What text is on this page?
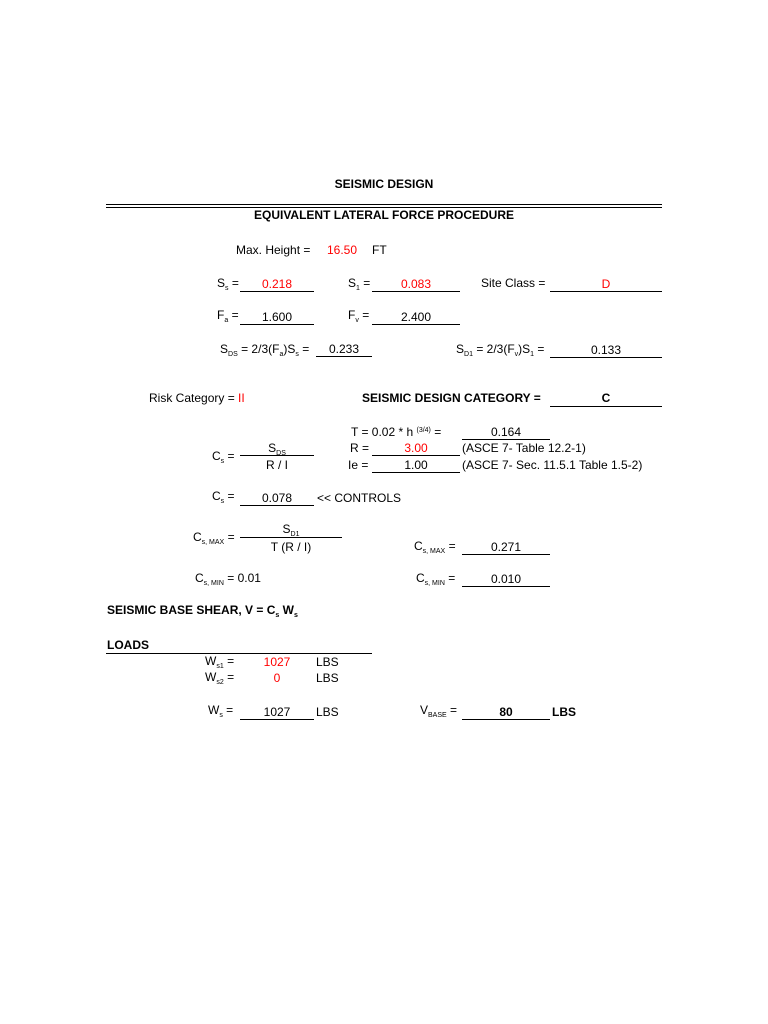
SEISMIC DESIGN
EQUIVALENT LATERAL FORCE PROCEDURE
Max. Height = 16.50 FT
$S_s$ =	0.218	$S_1$ =	0.083	Site Class =	D
$F_a$ =	1.600	$F_v$ =	2.400
$S_{DS} = 2/3(F_a)S_s$ =	0.233	$S_{D1} = 2/3(F_v)S_1$ =	0.133
Risk Category = II	SEISMIC DESIGN CATEGORY =	C
T = 0.02 * h $^{(3/4)}$ =	0.164
$C_s$ =
$S_{DS}$
R / I
R =	3.00	(ASCE 7- Table 12.2-1)
Ie =	1.00	(ASCE 7- Sec. 11.5.1 Table 1.5-2)
$C_s$ =	0.078	<< CONTROLS
$C_{s, MAX}$ =
$S_{D1}$
T (R / I)	$C_{s, MAX}$ =	0.271
$C_{s, MIN} = 0.01$	$C_{s, MIN}$ =	0.010
SEISMIC BASE SHEAR, $V = C_s$ $W_s$
LOADS
$W_{s1}$ =	1027	LBS
$W_{s2}$ =	0	LBS
$W_s$ =	1027	LBS	$V_{BASE}$ =	80	LBS
